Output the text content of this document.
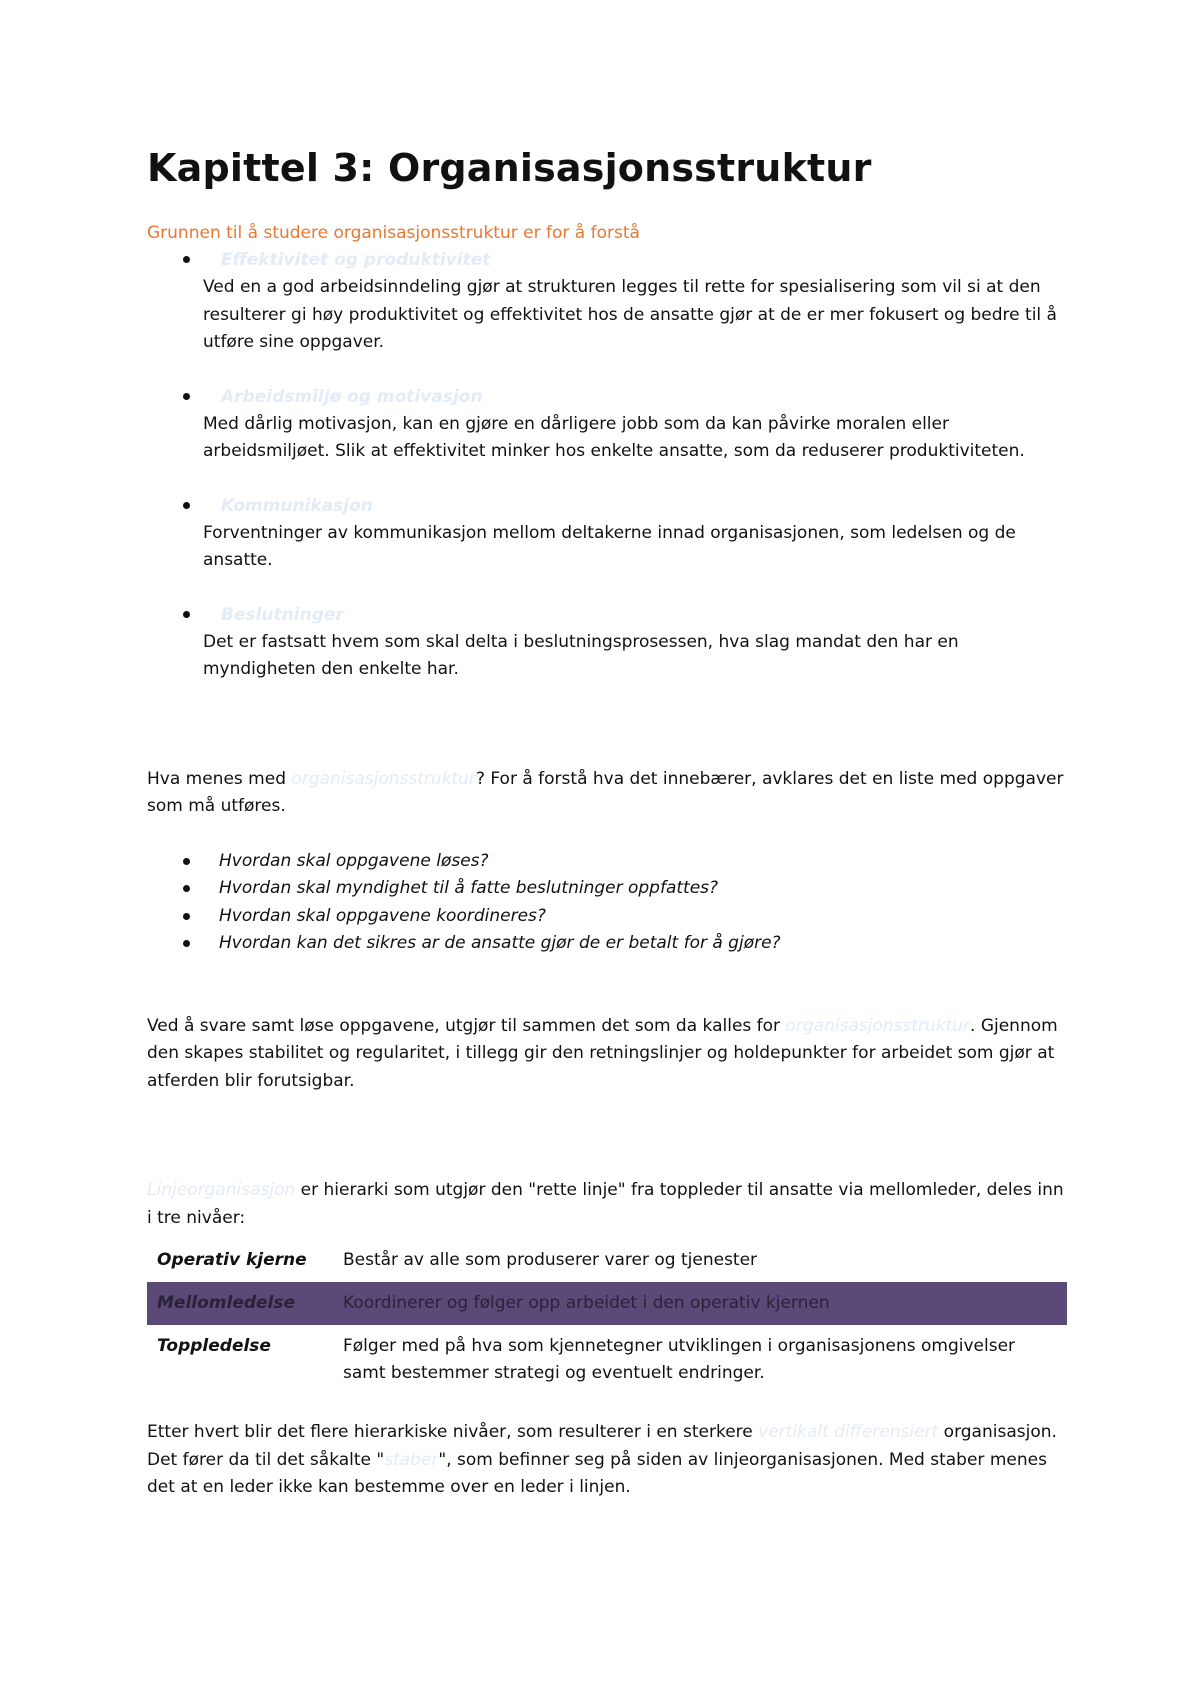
Kapittel 3: Organisasjonsstruktur
Grunnen til å studere organisasjonsstruktur er for å forstå
Effektivitet og produktivitet
Ved en a god arbeidsinndeling gjør at strukturen legges til rette for spesialisering som vil si at den resulterer gi høy produktivitet og effektivitet hos de ansatte gjør at de er mer fokusert og bedre til å utføre sine oppgaver.
Arbeidsmiljø og motivasjon
Med dårlig motivasjon, kan en gjøre en dårligere jobb som da kan påvirke moralen eller arbeidsmiljøet. Slik at effektivitet minker hos enkelte ansatte, som da reduserer produktiviteten.
Kommunikasjon
Forventninger av kommunikasjon mellom deltakerne innad organisasjonen, som ledelsen og de ansatte.
Beslutninger
Det er fastsatt hvem som skal delta i beslutningsprosessen, hva slag mandat den har en myndigheten den enkelte har.
Hva menes med organisasjonsstruktur? For å forstå hva det innebærer, avklares det en liste med oppgaver som må utføres.
Hvordan skal oppgavene løses?
Hvordan skal myndighet til å fatte beslutninger oppfattes?
Hvordan skal oppgavene koordineres?
Hvordan kan det sikres ar de ansatte gjør de er betalt for å gjøre?
Ved å svare samt løse oppgavene, utgjør til sammen det som da kalles for organisasjonsstruktur. Gjennom den skapes stabilitet og regularitet, i tillegg gir den retningslinjer og holdepunkter for arbeidet som gjør at atferden blir forutsigbar.
Linjeorganisasjon er hierarki som utgjør den "rette linje" fra toppleder til ansatte via mellomleder, deles inn i tre nivåer:
Operativ kjerne	Består av alle som produserer varer og tjenester
Mellomledelse	Koordinerer og følger opp arbeidet i den operativ kjernen
Toppledelse	Følger med på hva som kjennetegner utviklingen i organisasjonens omgivelser samt bestemmer strategi og eventuelt endringer.
Etter hvert blir det flere hierarkiske nivåer, som resulterer i en sterkere vertikalt differensiert organisasjon. Det fører da til det såkalte "staber", som befinner seg på siden av linjeorganisasjonen. Med staber menes det at en leder ikke kan bestemme over en leder i linjen.
